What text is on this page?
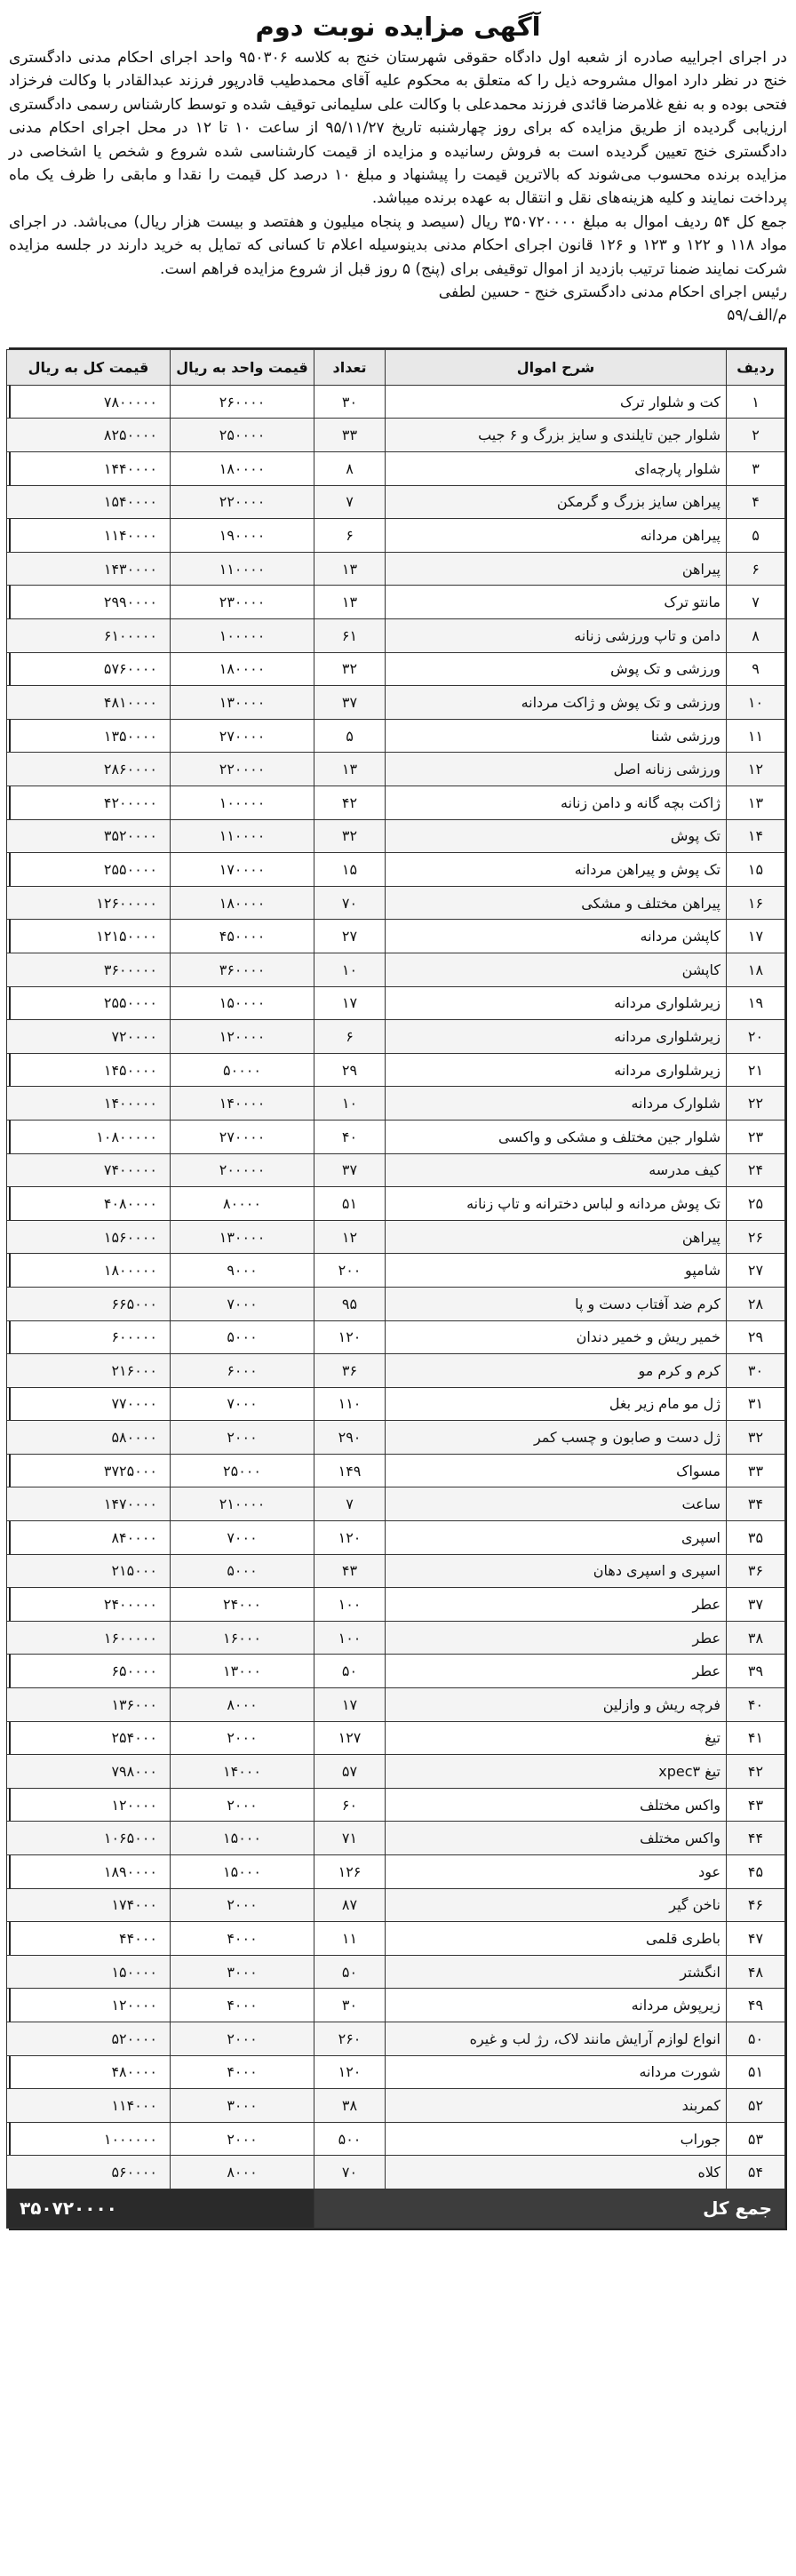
آگهی مزایده نوبت دوم

در اجرای اجراییه صادره از شعبه اول دادگاه حقوقی شهرستان خنج به کلاسه ۹۵۰۳۰۶ واحد اجرای احکام مدنی دادگستری خنج در نظر دارد اموال مشروحه ذیل را که متعلق به محکوم علیه آقای محمدطیب قادرپور فرزند عبدالقادر با وکالت فرخزاد فتحی بوده و به نفع غلامرضا قائدی فرزند محمدعلی با وکالت علی سلیمانی توقیف شده و توسط کارشناس رسمی دادگستری ارزیابی گردیده از طریق مزایده که برای روز چهارشنبه تاریخ ۹۵/۱۱/۲۷ از ساعت ۱۰ تا ۱۲ در محل اجرای احکام مدنی دادگستری خنج تعیین گردیده است به فروش رسانیده و مزایده از قیمت کارشناسی شده شروع و شخص یا اشخاصی در مزایده برنده محسوب می‌شوند که بالاترین قیمت را پیشنهاد و مبلغ ۱۰ درصد کل قیمت را نقدا و مابقی را ظرف یک ماه پرداخت نمایند و کلیه هزینه‌های نقل و انتقال به عهده برنده میباشد.

جمع کل ۵۴ ردیف اموال به مبلغ ۳۵۰۷۲۰۰۰۰ ریال (سیصد و پنجاه میلیون و هفتصد و بیست هزار ریال) می‌باشد. در اجرای مواد ۱۱۸ و ۱۲۲ و ۱۲۳ و ۱۲۶ قانون اجرای احکام مدنی بدینوسیله اعلام تا کسانی که تمایل به خرید دارند در جلسه مزایده شرکت نمایند ضمنا ترتیب بازدید از اموال توقیفی برای (پنج) ۵ روز قبل از شروع مزایده فراهم است.

رئیس اجرای احکام مدنی دادگستری خنج - حسین لطفی

م/الف/۵۹

ردیف	شرح اموال	تعداد	قیمت واحد به ریال	قیمت کل به ریال
۱	کت و شلوار ترک	۳۰	۲۶۰۰۰۰	۷۸۰۰۰۰۰
۲	شلوار جین تایلندی و سایز بزرگ و ۶ جیب	۳۳	۲۵۰۰۰۰	۸۲۵۰۰۰۰
۳	شلوار پارچه‌ای	۸	۱۸۰۰۰۰	۱۴۴۰۰۰۰
۴	پیراهن سایز بزرگ و گرمکن	۷	۲۲۰۰۰۰	۱۵۴۰۰۰۰
۵	پیراهن مردانه	۶	۱۹۰۰۰۰	۱۱۴۰۰۰۰
۶	پیراهن	۱۳	۱۱۰۰۰۰	۱۴۳۰۰۰۰
۷	مانتو ترک	۱۳	۲۳۰۰۰۰	۲۹۹۰۰۰۰
۸	دامن و تاپ ورزشی زنانه	۶۱	۱۰۰۰۰۰	۶۱۰۰۰۰۰
۹	ورزشی و تک پوش	۳۲	۱۸۰۰۰۰	۵۷۶۰۰۰۰
۱۰	ورزشی و تک پوش و ژاکت مردانه	۳۷	۱۳۰۰۰۰	۴۸۱۰۰۰۰
۱۱	ورزشی شنا	۵	۲۷۰۰۰۰	۱۳۵۰۰۰۰
۱۲	ورزشی زنانه اصل	۱۳	۲۲۰۰۰۰	۲۸۶۰۰۰۰
۱۳	ژاکت بچه گانه و دامن زنانه	۴۲	۱۰۰۰۰۰	۴۲۰۰۰۰۰
۱۴	تک پوش	۳۲	۱۱۰۰۰۰	۳۵۲۰۰۰۰
۱۵	تک پوش و پیراهن مردانه	۱۵	۱۷۰۰۰۰	۲۵۵۰۰۰۰
۱۶	پیراهن مختلف و مشکی	۷۰	۱۸۰۰۰۰	۱۲۶۰۰۰۰۰
۱۷	کاپشن مردانه	۲۷	۴۵۰۰۰۰	۱۲۱۵۰۰۰۰
۱۸	کاپشن	۱۰	۳۶۰۰۰۰	۳۶۰۰۰۰۰
۱۹	زیرشلواری مردانه	۱۷	۱۵۰۰۰۰	۲۵۵۰۰۰۰
۲۰	زیرشلواری مردانه	۶	۱۲۰۰۰۰	۷۲۰۰۰۰
۲۱	زیرشلواری مردانه	۲۹	۵۰۰۰۰	۱۴۵۰۰۰۰
۲۲	شلوارک مردانه	۱۰	۱۴۰۰۰۰	۱۴۰۰۰۰۰
۲۳	شلوار جین مختلف و مشکی و واکسی	۴۰	۲۷۰۰۰۰	۱۰۸۰۰۰۰۰
۲۴	کیف مدرسه	۳۷	۲۰۰۰۰۰	۷۴۰۰۰۰۰
۲۵	تک پوش مردانه و لباس دخترانه و تاپ زنانه	۵۱	۸۰۰۰۰	۴۰۸۰۰۰۰
۲۶	پیراهن	۱۲	۱۳۰۰۰۰	۱۵۶۰۰۰۰
۲۷	شامپو	۲۰۰	۹۰۰۰	۱۸۰۰۰۰۰
۲۸	کرم ضد آفتاب دست و پا	۹۵	۷۰۰۰	۶۶۵۰۰۰
۲۹	خمیر ریش و خمیر دندان	۱۲۰	۵۰۰۰	۶۰۰۰۰۰
۳۰	کرم و کرم مو	۳۶	۶۰۰۰	۲۱۶۰۰۰
۳۱	ژل مو مام زیر بغل	۱۱۰	۷۰۰۰	۷۷۰۰۰۰
۳۲	ژل دست و صابون و چسب کمر	۲۹۰	۲۰۰۰	۵۸۰۰۰۰
۳۳	مسواک	۱۴۹	۲۵۰۰۰	۳۷۲۵۰۰۰
۳۴	ساعت	۷	۲۱۰۰۰۰	۱۴۷۰۰۰۰
۳۵	اسپری	۱۲۰	۷۰۰۰	۸۴۰۰۰۰
۳۶	اسپری و اسپری دهان	۴۳	۵۰۰۰	۲۱۵۰۰۰
۳۷	عطر	۱۰۰	۲۴۰۰۰	۲۴۰۰۰۰۰
۳۸	عطر	۱۰۰	۱۶۰۰۰	۱۶۰۰۰۰۰
۳۹	عطر	۵۰	۱۳۰۰۰	۶۵۰۰۰۰
۴۰	فرچه ریش و وازلین	۱۷	۸۰۰۰	۱۳۶۰۰۰
۴۱	تیغ	۱۲۷	۲۰۰۰	۲۵۴۰۰۰
۴۲	تیغ xpec۳	۵۷	۱۴۰۰۰	۷۹۸۰۰۰
۴۳	واکس مختلف	۶۰	۲۰۰۰	۱۲۰۰۰۰
۴۴	واکس مختلف	۷۱	۱۵۰۰۰	۱۰۶۵۰۰۰
۴۵	عود	۱۲۶	۱۵۰۰۰	۱۸۹۰۰۰۰
۴۶	ناخن گیر	۸۷	۲۰۰۰	۱۷۴۰۰۰
۴۷	باطری قلمی	۱۱	۴۰۰۰	۴۴۰۰۰
۴۸	انگشتر	۵۰	۳۰۰۰	۱۵۰۰۰۰
۴۹	زیرپوش مردانه	۳۰	۴۰۰۰	۱۲۰۰۰۰
۵۰	انواع لوازم آرایش مانند لاک، رژ لب و غیره	۲۶۰	۲۰۰۰	۵۲۰۰۰۰
۵۱	شورت مردانه	۱۲۰	۴۰۰۰	۴۸۰۰۰۰
۵۲	کمربند	۳۸	۳۰۰۰	۱۱۴۰۰۰
۵۳	جوراب	۵۰۰	۲۰۰۰	۱۰۰۰۰۰۰
۵۴	کلاه	۷۰	۸۰۰۰	۵۶۰۰۰۰
جمع کل			۳۵۰۷۲۰۰۰۰	
